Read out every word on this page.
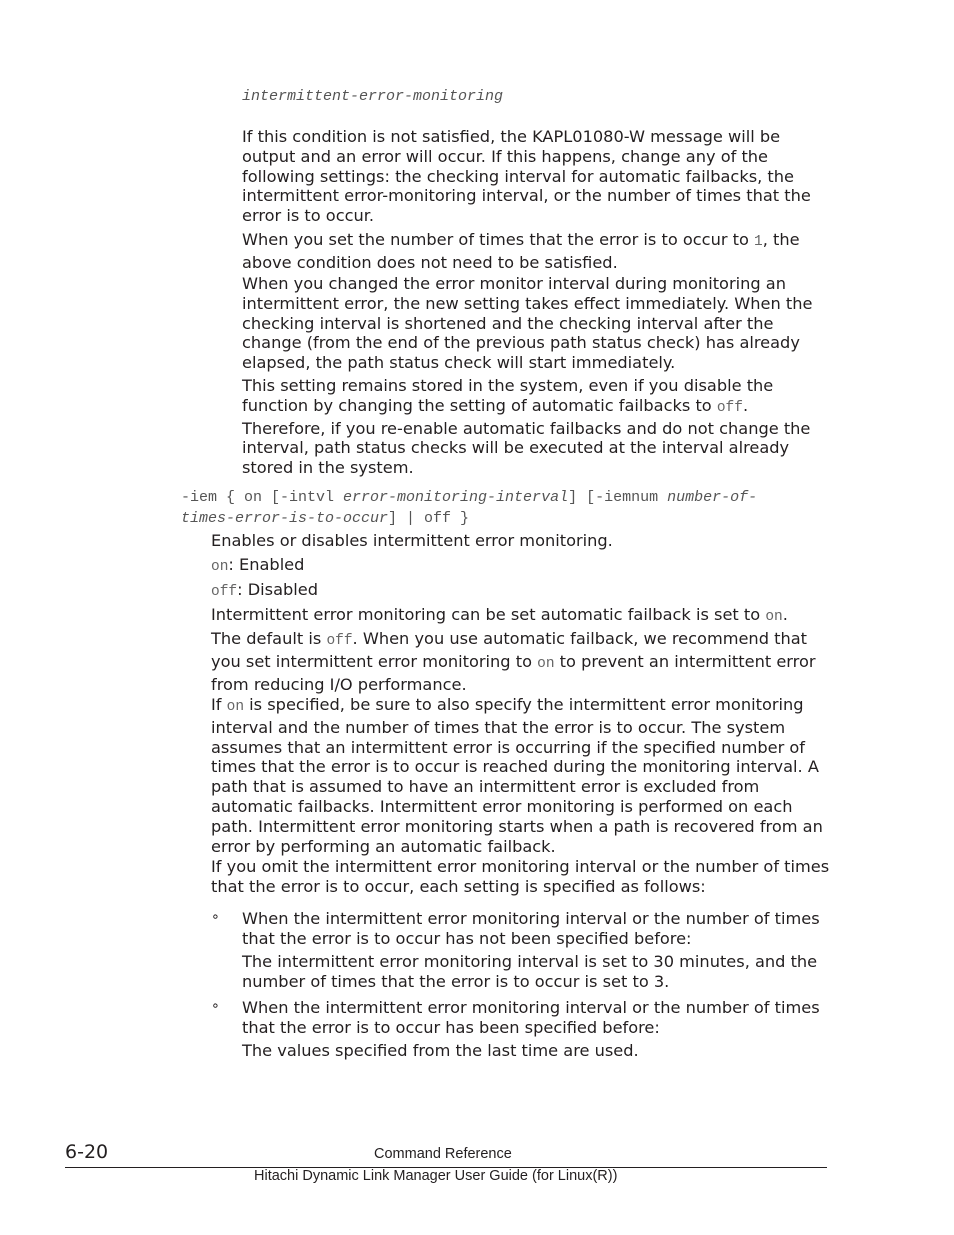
intermittent-error-monitoring

If this condition is not satisfied, the KAPL01080-W message will be output and an error will occur. If this happens, change any of the following settings: the checking interval for automatic failbacks, the intermittent error-monitoring interval, or the number of times that the error is to occur.

When you set the number of times that the error is to occur to 1, the above condition does not need to be satisfied.

When you changed the error monitor interval during monitoring an intermittent error, the new setting takes effect immediately. When the checking interval is shortened and the checking interval after the change (from the end of the previous path status check) has already elapsed, the path status check will start immediately.

This setting remains stored in the system, even if you disable the function by changing the setting of automatic failbacks to off. Therefore, if you re-enable automatic failbacks and do not change the interval, path status checks will be executed at the interval already stored in the system.

-iem { on [-intvl error-monitoring-interval] [-iemnum number-of-
times-error-is-to-occur] | off }

Enables or disables intermittent error monitoring.

on: Enabled

off: Disabled

Intermittent error monitoring can be set automatic failback is set to on.

The default is off. When you use automatic failback, we recommend that you set intermittent error monitoring to on to prevent an intermittent error from reducing I/O performance.

If on is specified, be sure to also specify the intermittent error monitoring interval and the number of times that the error is to occur. The system assumes that an intermittent error is occurring if the specified number of times that the error is to occur is reached during the monitoring interval. A path that is assumed to have an intermittent error is excluded from automatic failbacks. Intermittent error monitoring is performed on each path. Intermittent error monitoring starts when a path is recovered from an error by performing an automatic failback.

If you omit the intermittent error monitoring interval or the number of times that the error is to occur, each setting is specified as follows:

∘ When the intermittent error monitoring interval or the number of times that the error is to occur has not been specified before:

The intermittent error monitoring interval is set to 30 minutes, and the number of times that the error is to occur is set to 3.

∘ When the intermittent error monitoring interval or the number of times that the error is to occur has been specified before:

The values specified from the last time are used.

6-20	Command Reference
Hitachi Dynamic Link Manager User Guide (for Linux(R))
